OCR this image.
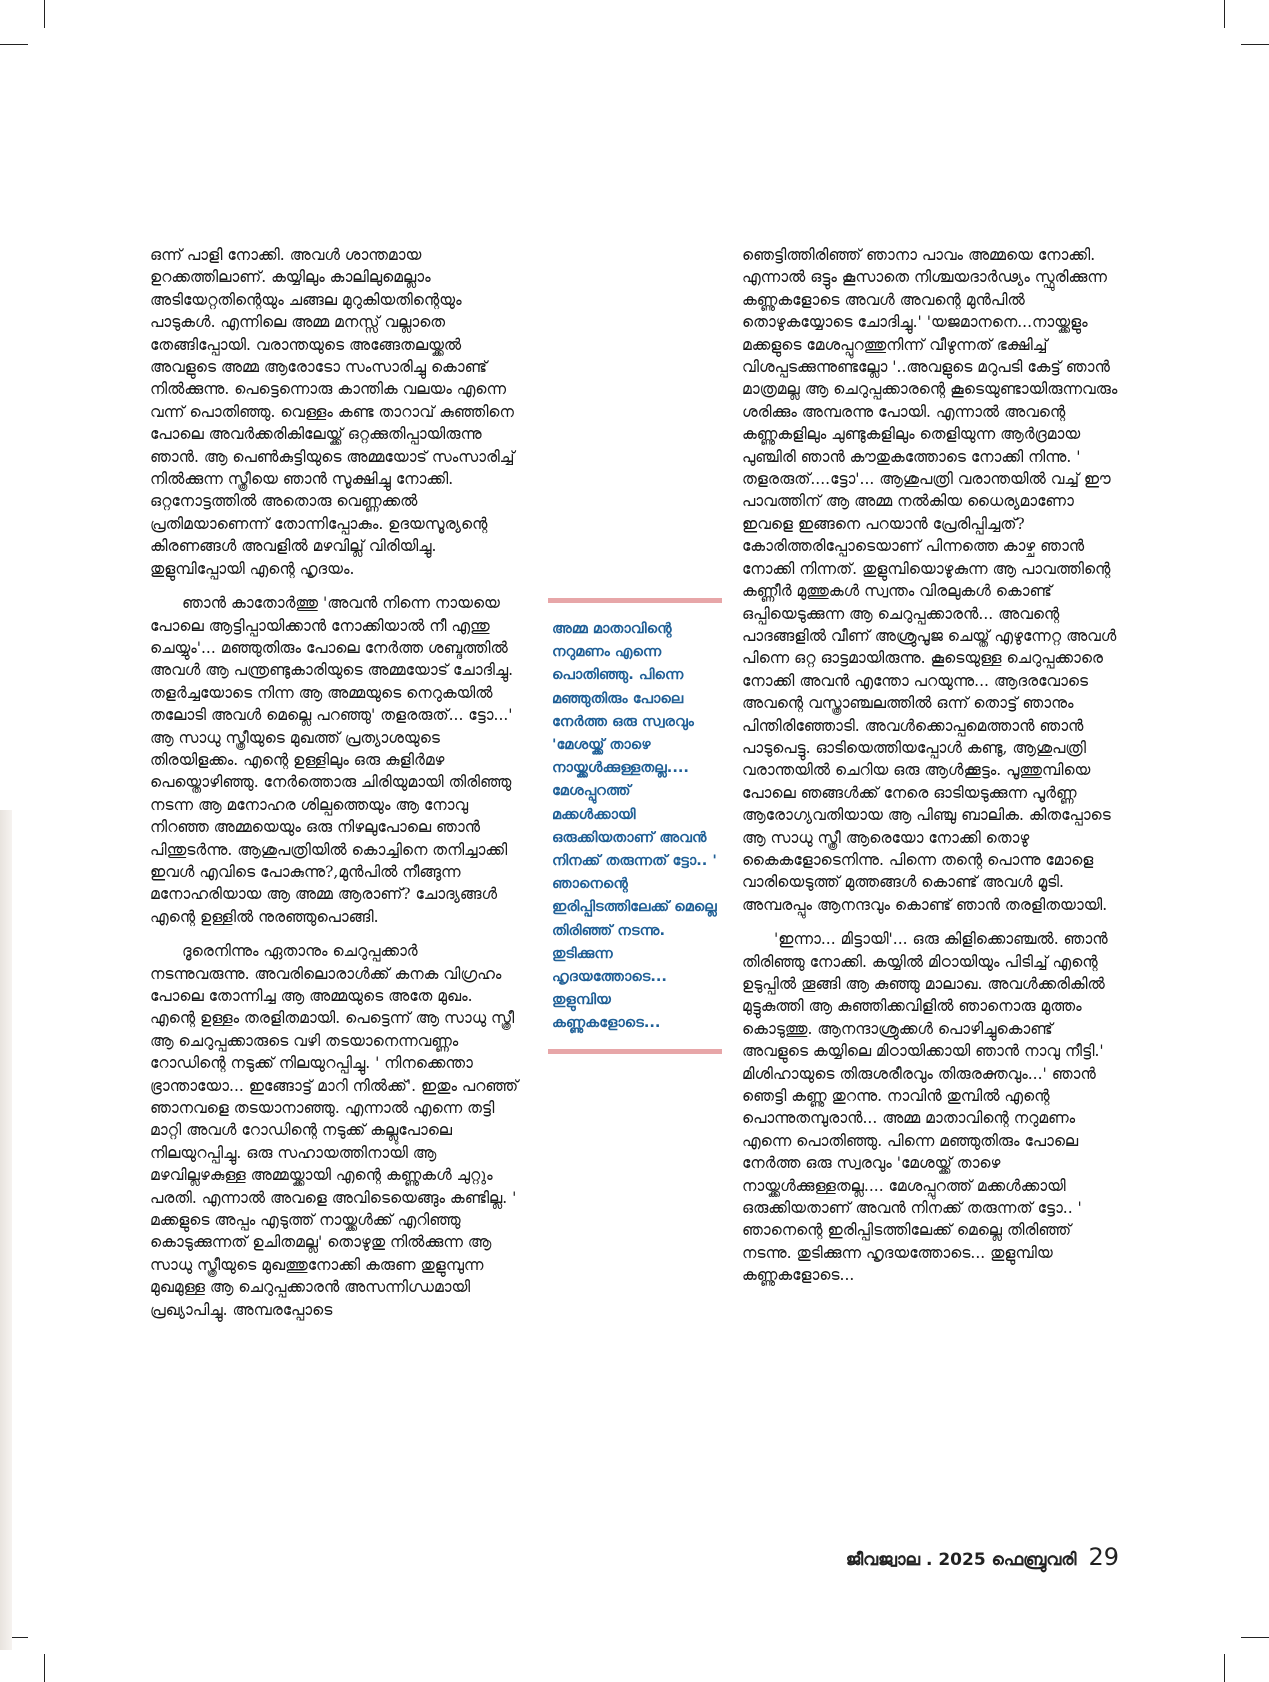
ഒന്ന് പാളി നോക്കി. അവൾ ശാന്തമായ ഉറക്കത്തിലാണ്. കയ്യിലും കാലിലുമെല്ലാം അടിയേറ്റതിന്റെയും ചങ്ങല മുറുകിയതിന്റെയും പാടുകൾ. എന്നിലെ അമ്മ മനസ്സ് വല്ലാതെ തേങ്ങിപ്പോയി. വരാന്തയുടെ അങ്ങേതലയ്ക്കൽ അവളുടെ അമ്മ ആരോടോ സംസാരിച്ചു കൊണ്ട് നിൽക്കുന്നു. പെട്ടെന്നൊരു കാന്തിക വലയം എന്നെ വന്ന് പൊതിഞ്ഞു. വെള്ളം കണ്ട താറാവ് കുഞ്ഞിനെ പോലെ അവർക്കരികിലേയ്ക്ക് ഒറ്റക്കുതിപ്പായിരുന്നു ഞാൻ. ആ പെൺകുട്ടിയുടെ അമ്മയോട് സംസാരിച്ച് നിൽക്കുന്ന സ്ത്രീയെ ഞാൻ സൂക്ഷിച്ചു നോക്കി. ഒറ്റനോട്ടത്തിൽ അതൊരു വെണ്ണക്കൽ പ്രതിമയാണെന്ന് തോന്നിപ്പോകും. ഉദയസൂര്യന്റെ കിരണങ്ങൾ അവളിൽ മഴവില്ല് വിരിയിച്ചു. തുളുമ്പിപ്പോയി എന്റെ ഹൃദയം.

ഞാൻ കാതോർത്തു 'അവൻ നിന്നെ നായയെ പോലെ ആട്ടിപ്പായിക്കാൻ നോക്കിയാൽ നീ എന്തു ചെയ്യും'... മഞ്ഞുതിരും പോലെ നേർത്ത ശബ്ദത്തിൽ അവൾ ആ പന്ത്രണ്ടുകാരിയുടെ അമ്മയോട് ചോദിച്ചു. തളർച്ചയോടെ നിന്ന ആ അമ്മയുടെ നെറുകയിൽ തലോടി അവൾ മെല്ലെ പറഞ്ഞു' തളരരുത്... ട്ടോ...' ആ സാധു സ്ത്രീയുടെ മുഖത്ത് പ്രത്യാശയുടെ തിരയിളക്കം. എന്റെ ഉള്ളിലും ഒരു കുളിർമഴ പെയ്തൊഴിഞ്ഞു. നേർത്തൊരു ചിരിയുമായി തിരിഞ്ഞു നടന്ന ആ മനോഹര ശില്പത്തെയും ആ നോവു നിറഞ്ഞ അമ്മയെയും ഒരു നിഴലുപോലെ ഞാൻ പിന്തുടർന്നു. ആശുപത്രിയിൽ കൊച്ചിനെ തനിച്ചാക്കി ഇവൾ എവിടെ പോകുന്നു?,മുൻപിൽ നീങ്ങുന്ന മനോഹരിയായ ആ അമ്മ ആരാണ്? ചോദ്യങ്ങൾ എന്റെ ഉള്ളിൽ നുരഞ്ഞുപൊങ്ങി.

ദൂരെനിന്നും ഏതാനും ചെറുപ്പക്കാർ നടന്നുവരുന്നു. അവരിലൊരാൾക്ക് കനക വിഗ്രഹം പോലെ തോന്നിച്ച ആ അമ്മയുടെ അതേ മുഖം. എന്റെ ഉള്ളം തരളിതമായി. പെട്ടെന്ന് ആ സാധു സ്ത്രീ ആ ചെറുപ്പക്കാരുടെ വഴി തടയാനെന്നവണ്ണം റോഡിന്റെ നടുക്ക് നിലയുറപ്പിച്ചു. ' നിനക്കെന്താ ഭ്രാന്തായോ... ഇങ്ങോട്ട് മാറി നിൽക്ക്'. ഇതും പറഞ്ഞ് ഞാനവളെ തടയാനാഞ്ഞു. എന്നാൽ എന്നെ തട്ടി മാറ്റി അവൾ റോഡിന്റെ നടുക്ക് കല്ലുപോലെ നിലയുറപ്പിച്ചു. ഒരു സഹായത്തിനായി ആ മഴവില്ലഴകുള്ള അമ്മയ്ക്കായി എന്റെ കണ്ണുകൾ ചുറ്റും പരതി. എന്നാൽ അവളെ അവിടെയെങ്ങും കണ്ടില്ല. ' മക്കളുടെ അപ്പം എടുത്ത് നായ്ക്കൾക്ക് എറിഞ്ഞു കൊടുക്കുന്നത് ഉചിതമല്ല' തൊഴുതു നിൽക്കുന്ന ആ സാധു സ്ത്രീയുടെ മുഖത്തുനോക്കി കരുണ തുളുമ്പുന്ന മുഖമുള്ള ആ ചെറുപ്പക്കാരൻ അസന്നിഗ്ധമായി പ്രഖ്യാപിച്ചു. അമ്പരപ്പോടെ

അമ്മ മാതാവിന്റെ നറുമണം എന്നെ പൊതിഞ്ഞു. പിന്നെ മഞ്ഞുതിരും പോലെ നേർത്ത ഒരു സ്വരവും 'മേശയ്ക്ക് താഴെ നായ്ക്കൾക്കുള്ളതല്ല.... മേശപ്പുറത്ത് മക്കൾക്കായി ഒരുക്കിയതാണ് അവൻ നിനക്ക് തരുന്നത് ട്ടോ.. ' ഞാനെന്റെ ഇരിപ്പിടത്തിലേക്ക് മെല്ലെ തിരിഞ്ഞ് നടന്നു. തുടിക്കുന്ന ഹൃദയത്തോടെ... തുളുമ്പിയ കണ്ണുകളോടെ...

ഞെട്ടിത്തിരിഞ്ഞ് ഞാനാ പാവം അമ്മയെ നോക്കി. എന്നാൽ ഒട്ടും കൂസാതെ നിശ്ചയദാർഢ്യം സ്ഫുരിക്കുന്ന കണ്ണുകളോടെ അവൾ അവന്റെ മുൻപിൽ തൊഴുകയ്യോടെ ചോദിച്ചു.' 'യജമാനനെ...നായ്ക്കളും മക്കളുടെ മേശപ്പുറത്തുനിന്ന് വീഴുന്നത് ഭക്ഷിച്ച് വിശപ്പടക്കുന്നുണ്ടല്ലോ '..അവളുടെ മറുപടി കേട്ട് ഞാൻ മാത്രമല്ല ആ ചെറുപ്പക്കാരന്റെ കൂടെയുണ്ടായിരുന്നവരും ശരിക്കും അമ്പരന്നു പോയി. എന്നാൽ അവന്റെ കണ്ണുകളിലും ചുണ്ടുകളിലും തെളിയുന്ന ആർദ്രമായ പുഞ്ചിരി ഞാൻ കൗതുകത്തോടെ നോക്കി നിന്നു. ' തളരരുത്....ട്ടോ'... ആശുപത്രി വരാന്തയിൽ വച്ച് ഈ പാവത്തിന് ആ അമ്മ നൽകിയ ധൈര്യമാണോ ഇവളെ ഇങ്ങനെ പറയാൻ പ്രേരിപ്പിച്ചത്? കോരിത്തരിപ്പോടെയാണ് പിന്നത്തെ കാഴ്ച ഞാൻ നോക്കി നിന്നത്. തുളുമ്പിയൊഴുകുന്ന ആ പാവത്തിന്റെ കണ്ണീർ മുത്തുകൾ സ്വന്തം വിരലുകൾ കൊണ്ട് ഒപ്പിയെടുക്കുന്ന ആ ചെറുപ്പക്കാരൻ... അവന്റെ പാദങ്ങളിൽ വീണ് അശ്രുപൂജ ചെയ്ത് എഴുന്നേറ്റ അവൾ പിന്നെ ഒറ്റ ഓട്ടമായിരുന്നു. കൂടെയുള്ള ചെറുപ്പക്കാരെ നോക്കി അവൻ എന്തോ പറയുന്നു... ആദരവോടെ അവന്റെ വസ്ത്രാഞ്ചലത്തിൽ ഒന്ന് തൊട്ട് ഞാനും പിന്തിരിഞ്ഞോടി. അവൾക്കൊപ്പമെത്താൻ ഞാൻ പാടുപെട്ടു. ഓടിയെത്തിയപ്പോൾ കണ്ടു, ആശുപത്രി വരാന്തയിൽ ചെറിയ ഒരു ആൾക്കൂട്ടം. പൂത്തുമ്പിയെ പോലെ ഞങ്ങൾക്ക് നേരെ ഓടിയടുക്കുന്ന പൂർണ്ണ ആരോഗ്യവതിയായ ആ പിഞ്ചു ബാലിക. കിതപ്പോടെ ആ സാധു സ്ത്രീ ആരെയോ നോക്കി തൊഴു കൈകളോടെനിന്നു. പിന്നെ തന്റെ പൊന്നു മോളെ വാരിയെടുത്ത് മുത്തങ്ങൾ കൊണ്ട് അവൾ മൂടി. അമ്പരപ്പും ആനന്ദവും കൊണ്ട് ഞാൻ തരളിതയായി.

'ഇന്നാ... മിട്ടായി'... ഒരു കിളിക്കൊഞ്ചൽ. ഞാൻ തിരിഞ്ഞു നോക്കി. കയ്യിൽ മിഠായിയും പിടിച്ച് എന്റെ ഉടുപ്പിൽ തൂങ്ങി ആ കുഞ്ഞു മാലാഖ. അവൾക്കരികിൽ മുട്ടുകുത്തി ആ കുഞ്ഞിക്കവിളിൽ ഞാനൊരു മുത്തം കൊടുത്തു. ആനന്ദാശ്രുക്കൾ പൊഴിച്ചുകൊണ്ട് അവളുടെ കയ്യിലെ മിഠായിക്കായി ഞാൻ നാവു നീട്ടി.' മിശിഹായുടെ തിരുശരീരവും തിരുരക്തവും...' ഞാൻ ഞെട്ടി കണ്ണു തുറന്നു. നാവിൻ തുമ്പിൽ എന്റെ പൊന്നുതമ്പുരാൻ... അമ്മ മാതാവിന്റെ നറുമണം എന്നെ പൊതിഞ്ഞു. പിന്നെ മഞ്ഞുതിരും പോലെ നേർത്ത ഒരു സ്വരവും 'മേശയ്ക്ക് താഴെ നായ്ക്കൾക്കുള്ളതല്ല.... മേശപ്പുറത്ത് മക്കൾക്കായി ഒരുക്കിയതാണ് അവൻ നിനക്ക് തരുന്നത് ട്ടോ.. ' ഞാനെന്റെ ഇരിപ്പിടത്തിലേക്ക് മെല്ലെ തിരിഞ്ഞ് നടന്നു. തുടിക്കുന്ന ഹൃദയത്തോടെ... തുളുമ്പിയ കണ്ണുകളോടെ...

ജീവജ്വാല . 2025 ഫെബ്രുവരി 29
